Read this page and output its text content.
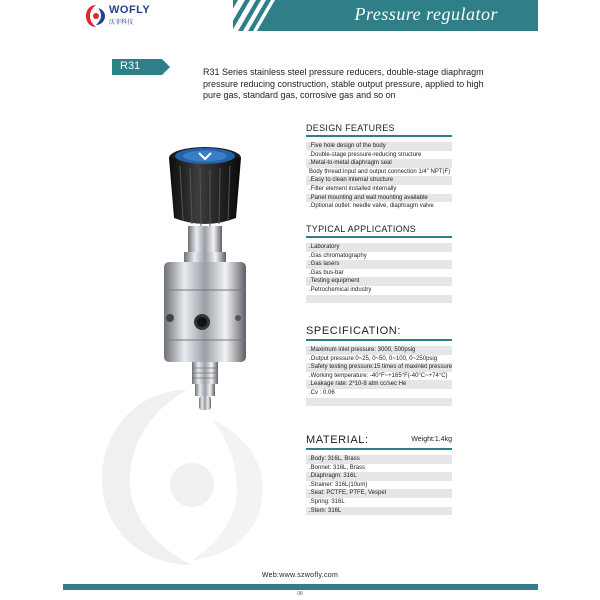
Pressure regulator
WOFLY
沃菲科技
R31	R31 Series stainless steel pressure reducers, double-stage diaphragm pressure reducing construction, stable output pressure, applied to high pure gas, standard gas, corrosive gas and so on

DESIGN FEATURES
.Five hole design of the body
.Double-stage pressure-reducing structure
.Metal-to-metal diaphragm seal
Body thread:input and output connection 1/4" NPT(F)
.Easy to clean internal structure
.Filter element installed internally
.Panel mounting and wall mounting available
.Optional outlet: needle valve, diaphragm valve
TYPICAL APPLICATIONS
.Laboratory
.Gas chromatography
.Gas lasers
.Gas bus-bar
.Testing equipment
.Petrochemical industry
SPECIFICATION:
.Maximum inlet pressure: 3000, 500psig
.Output pressure:0~25, 0~50, 0~100, 0~250psig
.Safety testing pressure:15 times of maxinlet pressure
.Working temperature: -40°F~+165°F(-40°C~+74°C)
.Leakage rate: 2*10-8 atm cc/sec He
.Cv : 0.06
MATERIAL:	Weight:1.4kg
.Body: 316L, Brass
.Bonnet: 316L, Brass
.Diaphragm: 316L
.Strainer: 316L(10um)
.Seat: PCTFE, PTFE, Vespel
.Spring: 316L
.Stem: 316L
Web:www.szwofly.com
06
